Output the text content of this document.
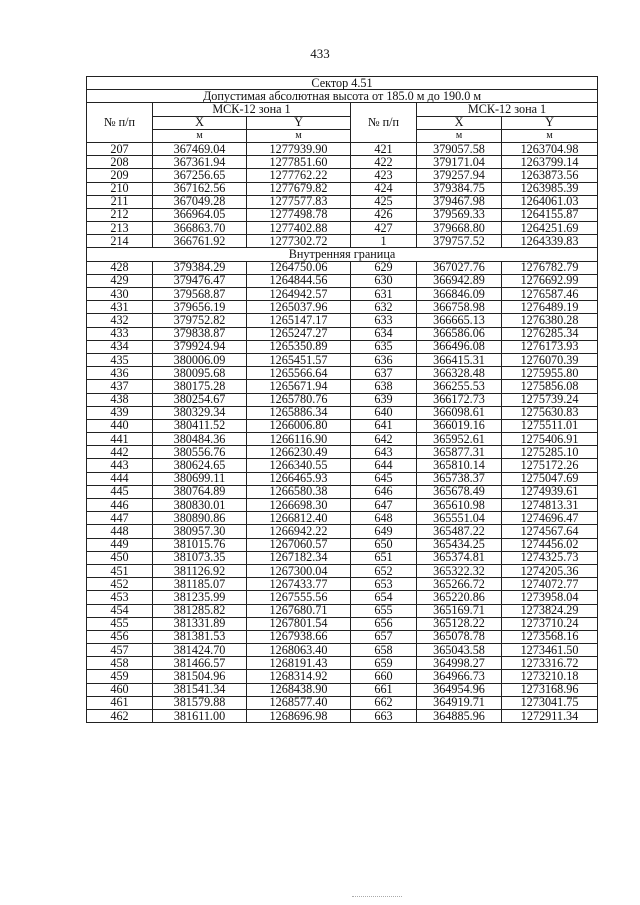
433
Сектор 4.51					
Допустимая абсолютная высота от 185.0 м до 190.0 м					
№ п/п	МСК-12 зона 1		№ п/п	МСК-12 зона 1	
	X	Y		X	Y
	м	м		м	м
207	367469.04	1277939.90	421	379057.58	1263704.98
208	367361.94	1277851.60	422	379171.04	1263799.14
209	367256.65	1277762.22	423	379257.94	1263873.56
210	367162.56	1277679.82	424	379384.75	1263985.39
211	367049.28	1277577.83	425	379467.98	1264061.03
212	366964.05	1277498.78	426	379569.33	1264155.87
213	366863.70	1277402.88	427	379668.80	1264251.69
214	366761.92	1277302.72	1	379757.52	1264339.83
Внутренняя граница					
428	379384.29	1264750.06	629	367027.76	1276782.79
429	379476.47	1264844.56	630	366942.89	1276692.99
430	379568.87	1264942.57	631	366846.09	1276587.46
431	379656.19	1265037.96	632	366758.98	1276489.19
432	379752.82	1265147.17	633	366665.13	1276380.28
433	379838.87	1265247.27	634	366586.06	1276285.34
434	379924.94	1265350.89	635	366496.08	1276173.93
435	380006.09	1265451.57	636	366415.31	1276070.39
436	380095.68	1265566.64	637	366328.48	1275955.80
437	380175.28	1265671.94	638	366255.53	1275856.08
438	380254.67	1265780.76	639	366172.73	1275739.24
439	380329.34	1265886.34	640	366098.61	1275630.83
440	380411.52	1266006.80	641	366019.16	1275511.01
441	380484.36	1266116.90	642	365952.61	1275406.91
442	380556.76	1266230.49	643	365877.31	1275285.10
443	380624.65	1266340.55	644	365810.14	1275172.26
444	380699.11	1266465.93	645	365738.37	1275047.69
445	380764.89	1266580.38	646	365678.49	1274939.61
446	380830.01	1266698.30	647	365610.98	1274813.31
447	380890.86	1266812.40	648	365551.04	1274696.47
448	380957.30	1266942.22	649	365487.22	1274567.64
449	381015.76	1267060.57	650	365434.25	1274456.02
450	381073.35	1267182.34	651	365374.81	1274325.73
451	381126.92	1267300.04	652	365322.32	1274205.36
452	381185.07	1267433.77	653	365266.72	1274072.77
453	381235.99	1267555.56	654	365220.86	1273958.04
454	381285.82	1267680.71	655	365169.71	1273824.29
455	381331.89	1267801.54	656	365128.22	1273710.24
456	381381.53	1267938.66	657	365078.78	1273568.16
457	381424.70	1268063.40	658	365043.58	1273461.50
458	381466.57	1268191.43	659	364998.27	1273316.72
459	381504.96	1268314.92	660	364966.73	1273210.18
460	381541.34	1268438.90	661	364954.96	1273168.96
461	381579.88	1268577.40	662	364919.71	1273041.75
462	381611.00	1268696.98	663	364885.96	1272911.34
